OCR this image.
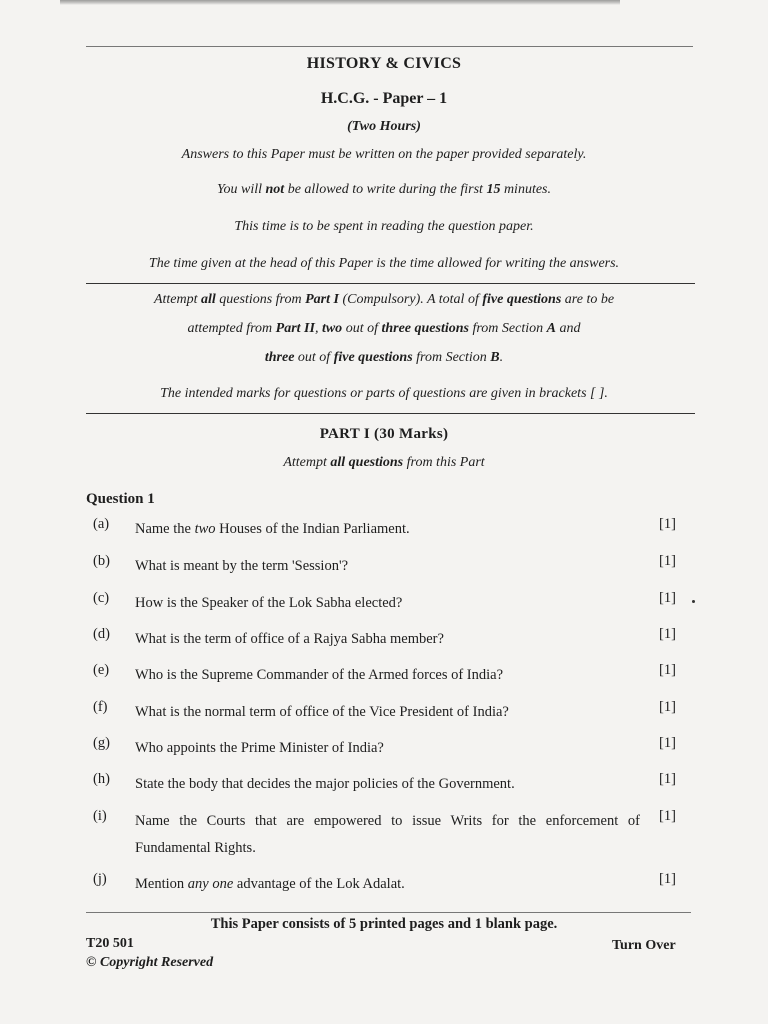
HISTORY & CIVICS
H.C.G. - Paper – 1
(Two Hours)
Answers to this Paper must be written on the paper provided separately.
You will not be allowed to write during the first 15 minutes.
This time is to be spent in reading the question paper.
The time given at the head of this Paper is the time allowed for writing the answers.
Attempt all questions from Part I (Compulsory). A total of five questions are to be
attempted from Part II, two out of three questions from Section A and
three out of five questions from Section B.
The intended marks for questions or parts of questions are given in brackets [ ].
PART I (30 Marks)
Attempt all questions from this Part
Question 1
(a) Name the two Houses of the Indian Parliament.	[1]
(b) What is meant by the term 'Session'?	[1]
(c) How is the Speaker of the Lok Sabha elected?	[1]
(d) What is the term of office of a Rajya Sabha member?	[1]
(e) Who is the Supreme Commander of the Armed forces of India?	[1]
(f) What is the normal term of office of the Vice President of India?	[1]
(g) Who appoints the Prime Minister of India?	[1]
(h) State the body that decides the major policies of the Government.	[1]
(i) Name the Courts that are empowered to issue Writs for the enforcement of Fundamental Rights.
[1]
(j) Mention any one advantage of the Lok Adalat.	[1]
This Paper consists of 5 printed pages and 1 blank page.
T20 501	Turn Over
© Copyright Reserved
